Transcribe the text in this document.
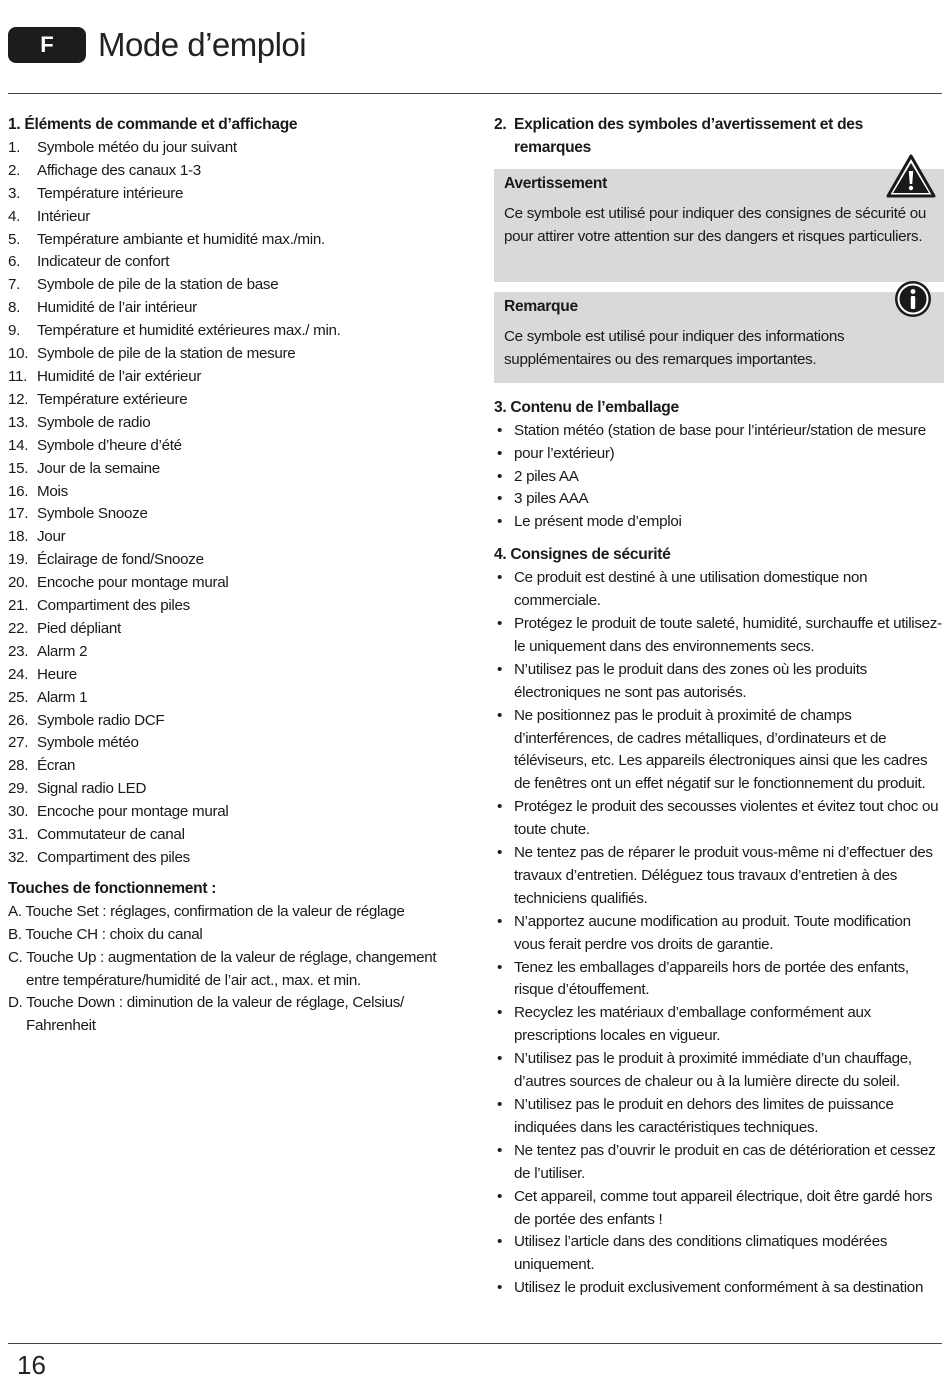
F	Mode d’emploi
1. Éléments de commande et d’affichage
1.	Symbole météo du jour suivant
2.	Affichage des canaux 1-3
3.	Température intérieure
4.	Intérieur
5.	Température ambiante et humidité max./min.
6.	Indicateur de confort
7.	Symbole de pile de la station de base
8.	Humidité de l’air intérieur
9.	Température et humidité extérieures max./ min.
10. Symbole de pile de la station de mesure
11. Humidité de l’air extérieur
12. Température extérieure
13. Symbole de radio
14. Symbole d’heure d’été
15. Jour de la semaine
16. Mois
17. Symbole Snooze
18. Jour
19. Éclairage de fond/Snooze
20. Encoche pour montage mural
21. Compartiment des piles
22. Pied dépliant
23. Alarm 2
24. Heure
25. Alarm 1
26. Symbole radio DCF
27. Symbole météo
28. Écran
29. Signal radio LED
30. Encoche pour montage mural
31. Commutateur de canal
32. Compartiment des piles
Touches de fonctionnement :
A. Touche Set : réglages, confirmation de la valeur de réglage
B. Touche CH : choix du canal
C. Touche Up : augmentation de la valeur de réglage, changement entre température/humidité de l’air act., max. et min.
D. Touche Down : diminution de la valeur de réglage, Celsius/ Fahrenheit
2. Explication des symboles d’avertissement et des remarques
Avertissement
Ce symbole est utilisé pour indiquer des consignes de sécurité ou pour attirer votre attention sur des dangers et risques particuliers.
Remarque
Ce symbole est utilisé pour indiquer des informations supplémentaires ou des remarques importantes.
3. Contenu de l’emballage
• Station météo (station de base pour l’intérieur/station de mesure
• pour l’extérieur)
• 2 piles AA
• 3 piles AAA
• Le présent mode d’emploi
4. Consignes de sécurité
• Ce produit est destiné à une utilisation domestique non commerciale.
• Protégez le produit de toute saleté, humidité, surchauffe et utilisez-le uniquement dans des environnements secs.
• N’utilisez pas le produit dans des zones où les produits électroniques ne sont pas autorisés.
• Ne positionnez pas le produit à proximité de champs d’interférences, de cadres métalliques, d’ordinateurs et de téléviseurs, etc. Les appareils électroniques ainsi que les cadres de fenêtres ont un effet négatif sur le fonctionnement du produit.
• Protégez le produit des secousses violentes et évitez tout choc ou toute chute.
• Ne tentez pas de réparer le produit vous-même ni d’effectuer des travaux d’entretien. Déléguez tous travaux d’entretien à des techniciens qualifiés.
• N’apportez aucune modification au produit. Toute modification vous ferait perdre vos droits de garantie.
• Tenez les emballages d’appareils hors de portée des enfants, risque d’étouffement.
• Recyclez les matériaux d’emballage conformément aux prescriptions locales en vigueur.
• N’utilisez pas le produit à proximité immédiate d’un chauffage, d’autres sources de chaleur ou à la lumière directe du soleil.
• N’utilisez pas le produit en dehors des limites de puissance indiquées dans les caractéristiques techniques.
• Ne tentez pas d’ouvrir le produit en cas de détérioration et cessez de l’utiliser.
• Cet appareil, comme tout appareil électrique, doit être gardé hors de portée des enfants !
• Utilisez l’article dans des conditions climatiques modérées uniquement.
• Utilisez le produit exclusivement conformément à sa destination
16
